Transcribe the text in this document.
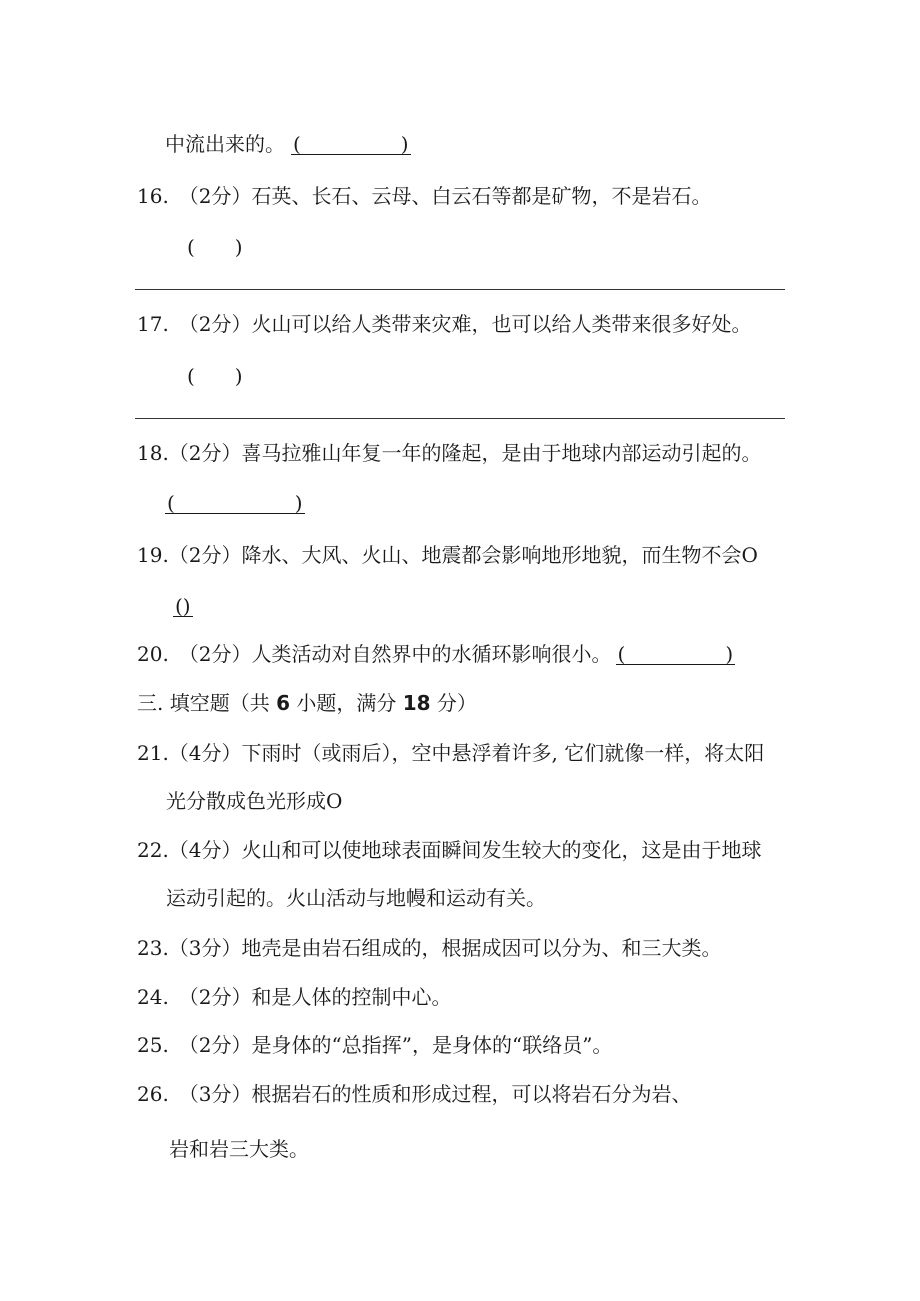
中流出来的。 (　　　　　)
16.　（2分）石英、长石、云母、白云石等都是矿物，不是岩石。
(　　)
17.　（2分）火山可以给人类带来灾难，也可以给人类带来很多好处。
(　　)
18.（2分）喜马拉雅山年复一年的隆起，是由于地球内部运动引起的。
(　　　　　　)
19.（2分）降水、大风、火山、地震都会影响地形地貌，而生物不会O
()
20.　（2分）人类活动对自然界中的水循环影响很小。 (　　　　　)
三. 填空题（共 6 小题，满分 18 分）
21.（4分）下雨时（或雨后），空中悬浮着许多, 它们就像一样，将太阳
光分散成色光形成O
22.（4分）火山和可以使地球表面瞬间发生较大的变化，这是由于地球
运动引起的。火山活动与地幔和运动有关。
23.（3分）地壳是由岩石组成的，根据成因可以分为、和三大类。
24.　（2分）和是人体的控制中心。
25.　（2分）是身体的“总指挥”，是身体的“联络员”。
26.　（3分）根据岩石的性质和形成过程，可以将岩石分为岩、
岩和岩三大类。
